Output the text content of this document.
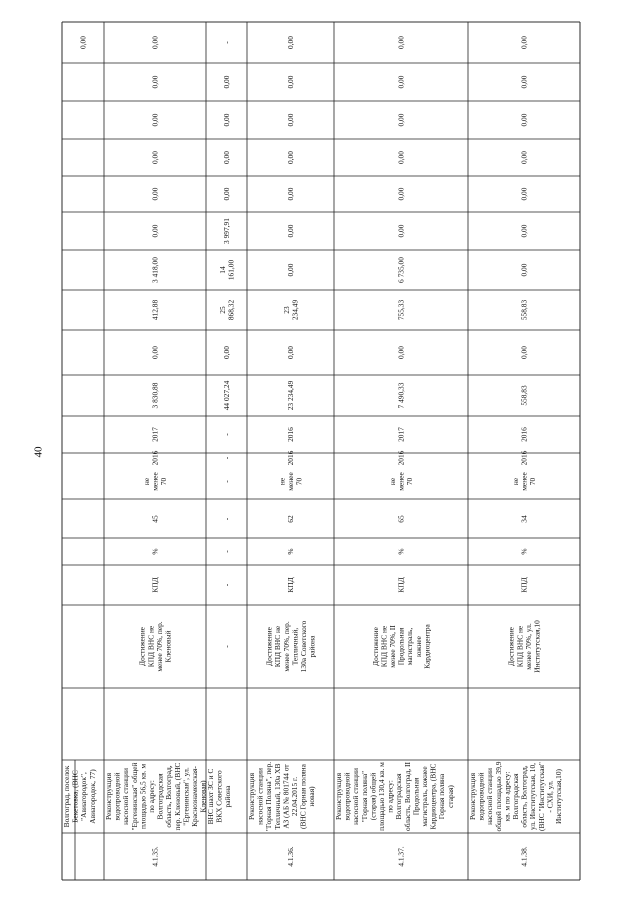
40
Волгоград, поселок Бекетовка, (ВНС "Авиагородок", Авиагородок, 77)
0,00
4.1.35.
Реконструкция водопроводной насосной станции "Ергенинская" общей площадью 56,5 кв. м по адресу: Волгоградская область, Волгоград, пер. Кленовый, (ВНС "Ергенинская", ул. Краснознаменская- Кленовая)
Достижение КПД ВНС не менее 70%, пер. Кленовый
не менее 70
КПД
%
45
2016
2017
3 830,88
0,00
412,88
3 418,00
0,00
0,00
0,00
0,00
0,00
0,00
ВНС шахт ЗС и С ВКХ Советского района
-
-
-
-
-
-
-
44 027,24
0,00
25 868,32
14 161,00
3 997,91
0,00
0,00
0,00
0,00
-
4.1.36.
Реконструкция насосной станции "Горная Поляна", пер. Тепличный, 130а ХВ АЗ (АБ № 801744 от 22.04.2015 г. (ВНС Горная поляна новая)
Достижение КПД ВНС не менее 70%, пер. Тепличный, 130а Советского района
не менее 70
КПД
%
62
2016
2016
23 234,49
0,00
23 234,49
0,00
0,00
0,00
0,00
0,00
0,00
0,00
4.1.37.
Реконструкция водопроводной насосной станции "Горная поляна" (старая) общей площадью 130,4 кв. м по адресу: Волгоградская область, Волгоград, II Продольная магистраль, южнее Кардиоцентра, (ВНС Горная поляна старая)
Достижение КПД ВНС не менее 70%, II Продольная магистраль, южнее Кардиоцентра
не менее 70
КПД
%
65
2016
2017
7 490,33
0,00
755,33
6 735,00
0,00
0,00
0,00
0,00
0,00
0,00
4.1.38.
Реконструкция водопроводной насосной станции общей площадью 39,9 кв. м по адресу: Волгоградская область, Волгоград, ул. Институтская, 10, (ВНС "Институтская" - СХИ, ул. Институтская,10)
Достижение КПД ВНС не менее 70%, ул. Институтская,10
не менее 70
КПД
%
34
2016
2016
558,83
0,00
558,83
0,00
0,00
0,00
0,00
0,00
0,00
0,00
